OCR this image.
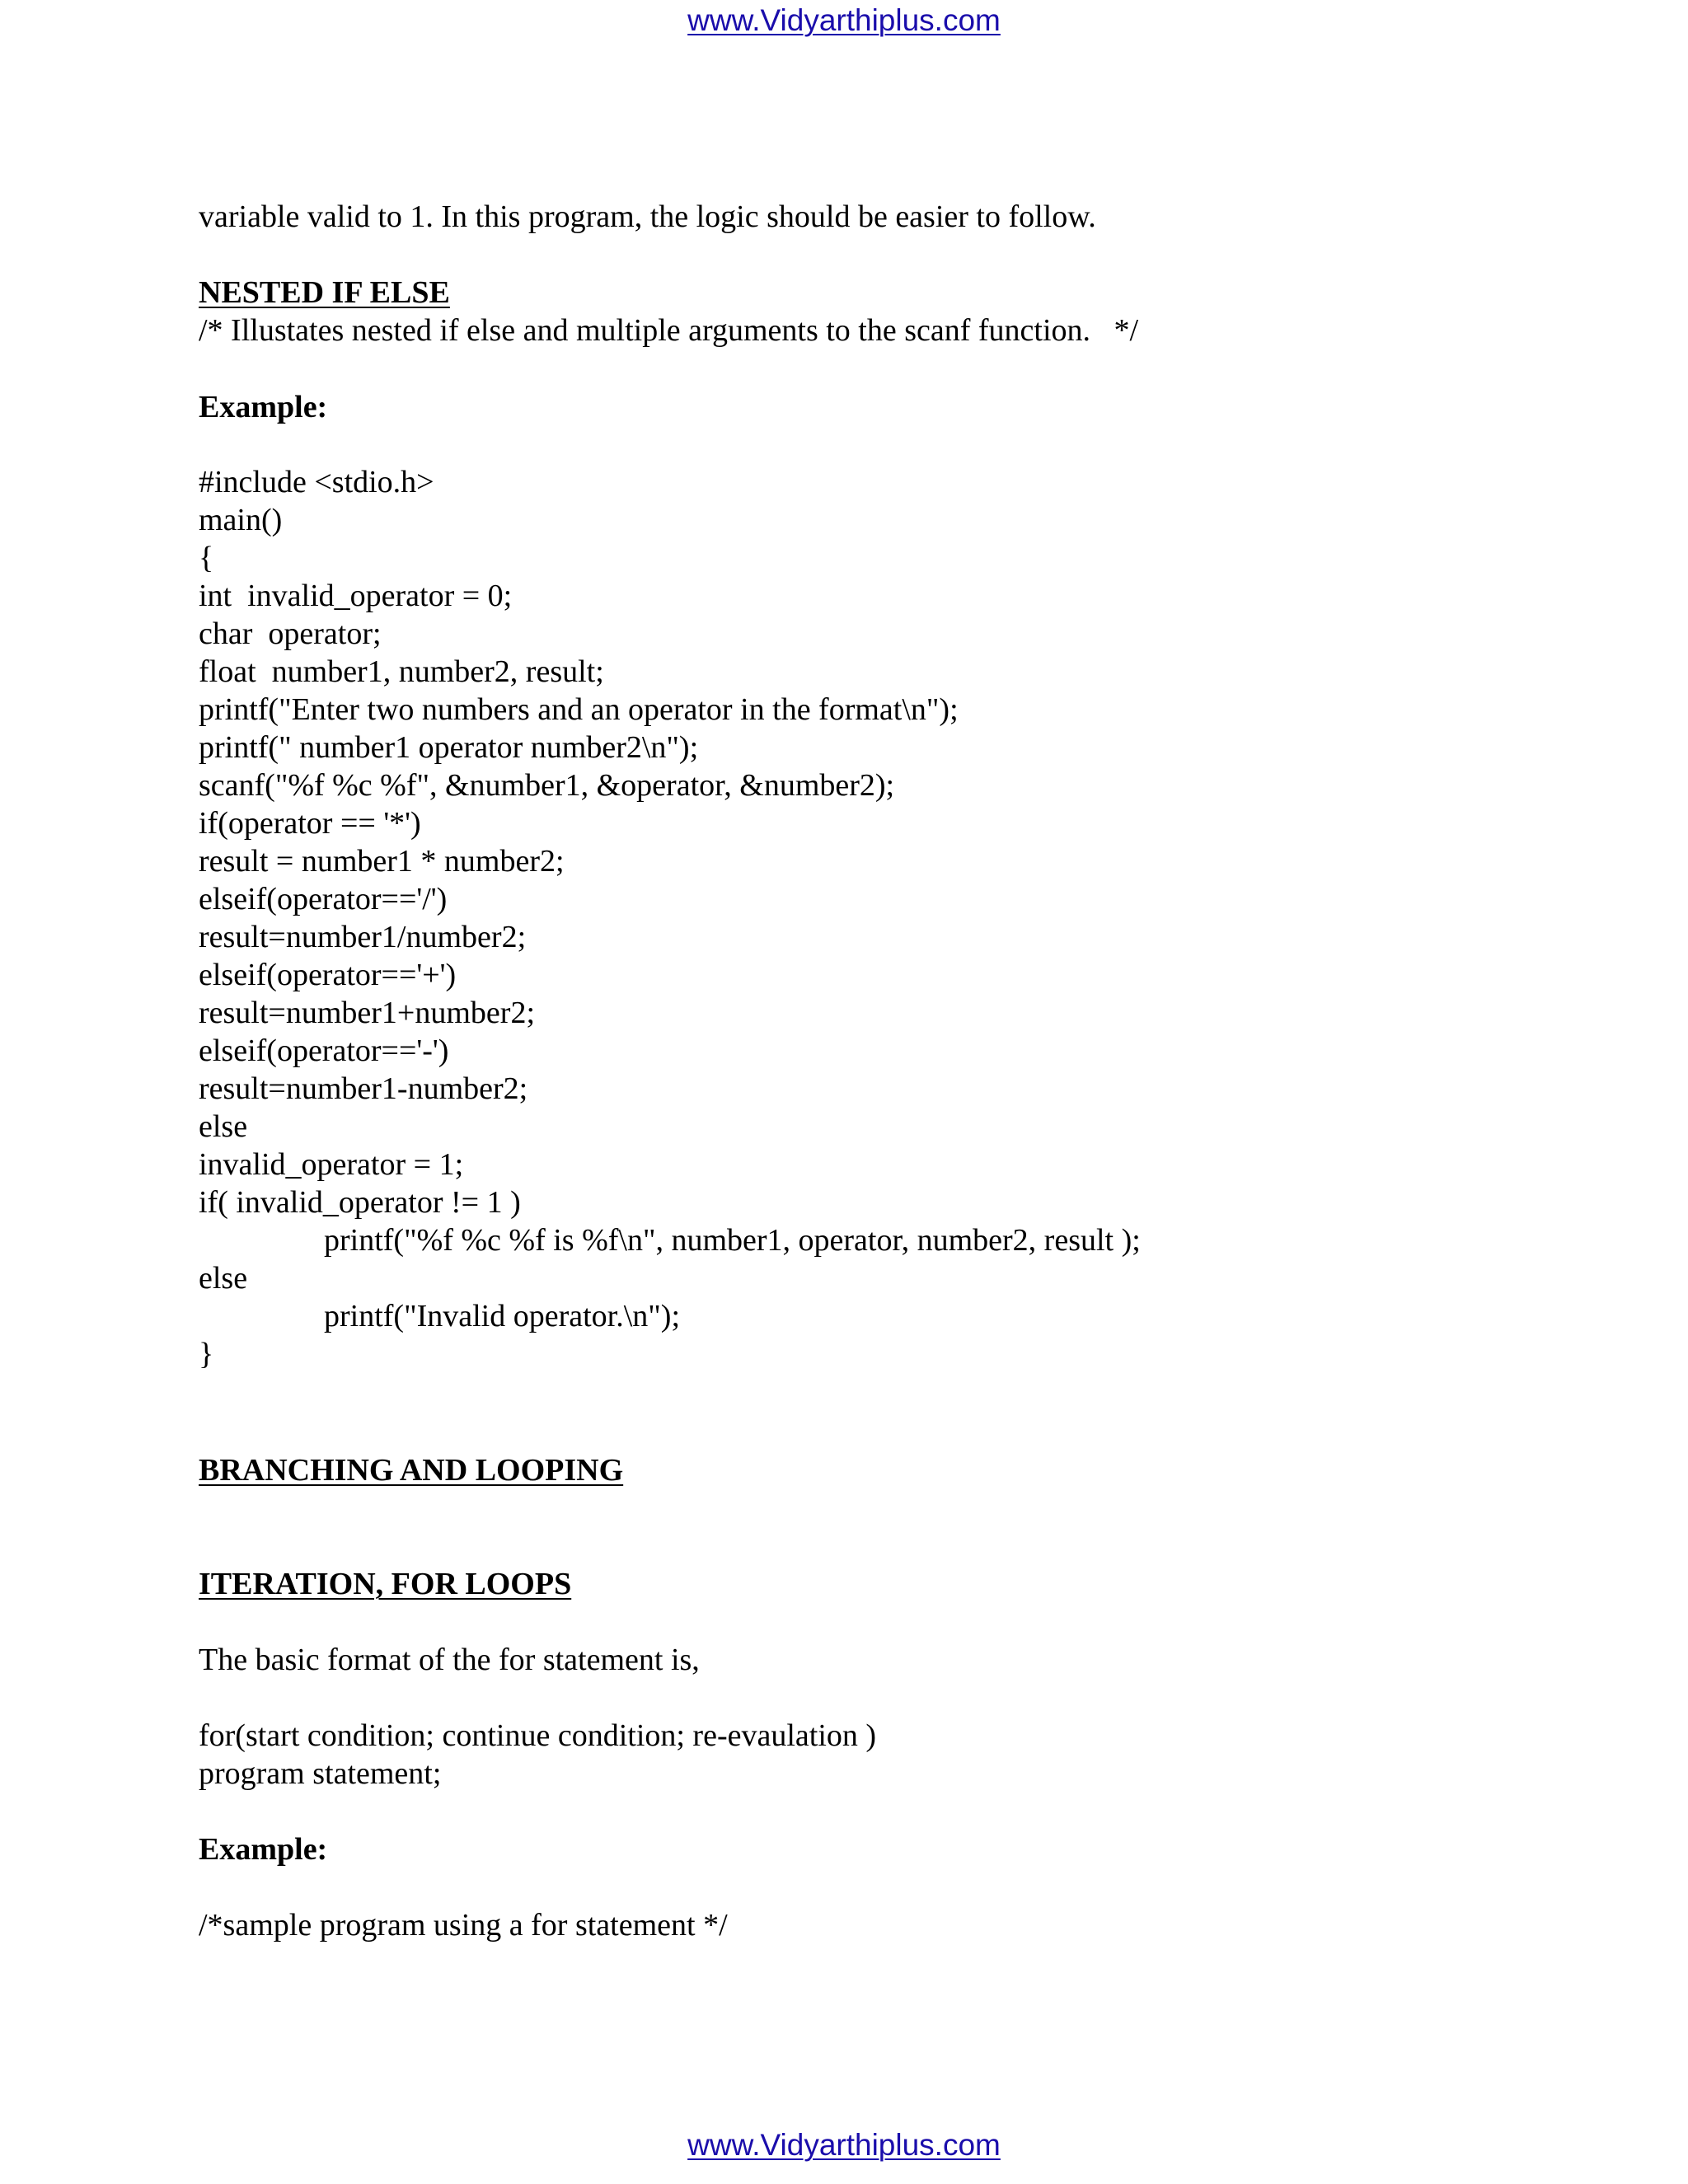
www.Vidyarthiplus.com
variable valid to 1. In this program, the logic should be easier to follow.
NESTED IF ELSE
/* Illustates nested if else and multiple arguments to the scanf function.   */
Example:
#include <stdio.h>
main()
{
int  invalid_operator = 0;
char  operator;
float  number1, number2, result;
printf("Enter two numbers and an operator in the format\n");
printf(" number1 operator number2\n");
scanf("%f %c %f", &number1, &operator, &number2);
if(operator == '*')
result = number1 * number2;
elseif(operator=='/')
result=number1/number2;
elseif(operator=='+')
result=number1+number2;
elseif(operator=='-')
result=number1-number2;
else
invalid_operator = 1;
if( invalid_operator != 1 )
printf("%f %c %f is %f\n", number1, operator, number2, result );
else
printf("Invalid operator.\n");
}
BRANCHING AND LOOPING
ITERATION, FOR LOOPS
The basic format of the for statement is,
for(start condition; continue condition; re-evaulation )
program statement;
Example:
/*sample program using a for statement */
www.Vidyarthiplus.com
